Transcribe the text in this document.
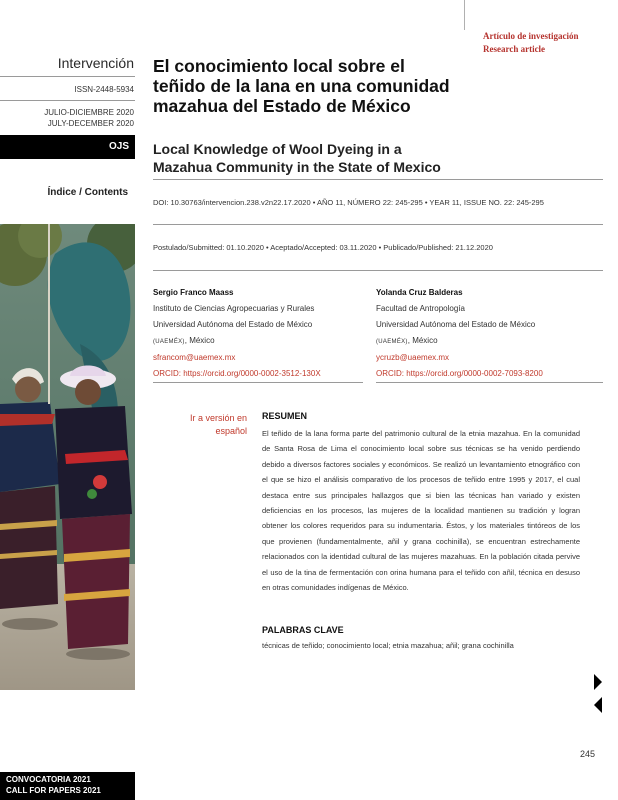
Intervención
ISSN-2448-5934
JULIO-DICIEMBRE 2020
JULY-DECEMBER 2020
OJS
Índice / Contents
CONVOCATORIA 2021
CALL FOR PAPERS 2021
Artículo de investigación
Research article
El conocimiento local sobre el teñido de la lana en una comunidad mazahua del Estado de México
Local Knowledge of Wool Dyeing in a Mazahua Community in the State of Mexico
DOI: 10.30763/intervencion.238.v2n22.17.2020 • AÑO 11, NÚMERO 22: 245-295 • YEAR 11, ISSUE NO. 22: 245-295
Postulado/Submitted: 01.10.2020 • Aceptado/Accepted: 03.11.2020 • Publicado/Published: 21.12.2020
Sergio Franco Maass
Instituto de Ciencias Agropecuarias y Rurales
Universidad Autónoma del Estado de México
(UAEMÉX), México
sfrancom@uaemex.mx
ORCID: https://orcid.org/0000-0002-3512-130X
Yolanda Cruz Balderas
Facultad de Antropología
Universidad Autónoma del Estado de México
(UAEMÉX), México
ycruzb@uaemex.mx
ORCID: https://orcid.org/0000-0002-7093-8200
Ir a versión en español
RESUMEN

El teñido de la lana forma parte del patrimonio cultural de la etnia mazahua. En la comunidad de Santa Rosa de Lima el conocimiento local sobre sus técnicas se ha venido perdiendo debido a diversos factores sociales y económicos. Se realizó un levantamiento etnográfico con el que se hizo el análisis comparativo de los procesos de teñido entre 1995 y 2017, el cual destaca entre sus principales hallazgos que si bien las técnicas han variado y existen deficiencias en los procesos, las mujeres de la localidad mantienen su tradición y logran obtener los colores requeridos para su indumentaria. Éstos, y los materiales tintóreos de los que provienen (fundamentalmente, añil y grana cochinilla), se encuentran estrechamente relacionados con la identidad cultural de las mujeres mazahuas. En la población citada pervive el uso de la tina de fermentación con orina humana para el teñido con añil, técnica en desuso en otras comunidades indígenas de México.

PALABRAS CLAVE
técnicas de teñido; conocimiento local; etnia mazahua; añil; grana cochinilla
245
